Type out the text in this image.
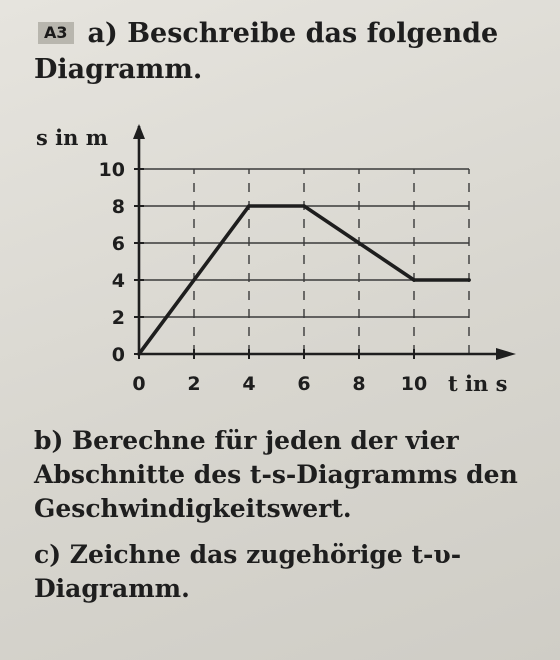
A3 a) Beschreibe das folgende
Diagramm.
0 2 4 6 8 10
0
2
4
6
8
10
s in m
t in s
b) Berechne für jeden der vier Abschnitte des t-s-Diagramms den Geschwindigkeitswert.
c) Zeichne das zugehörige t-υ-Diagramm.
